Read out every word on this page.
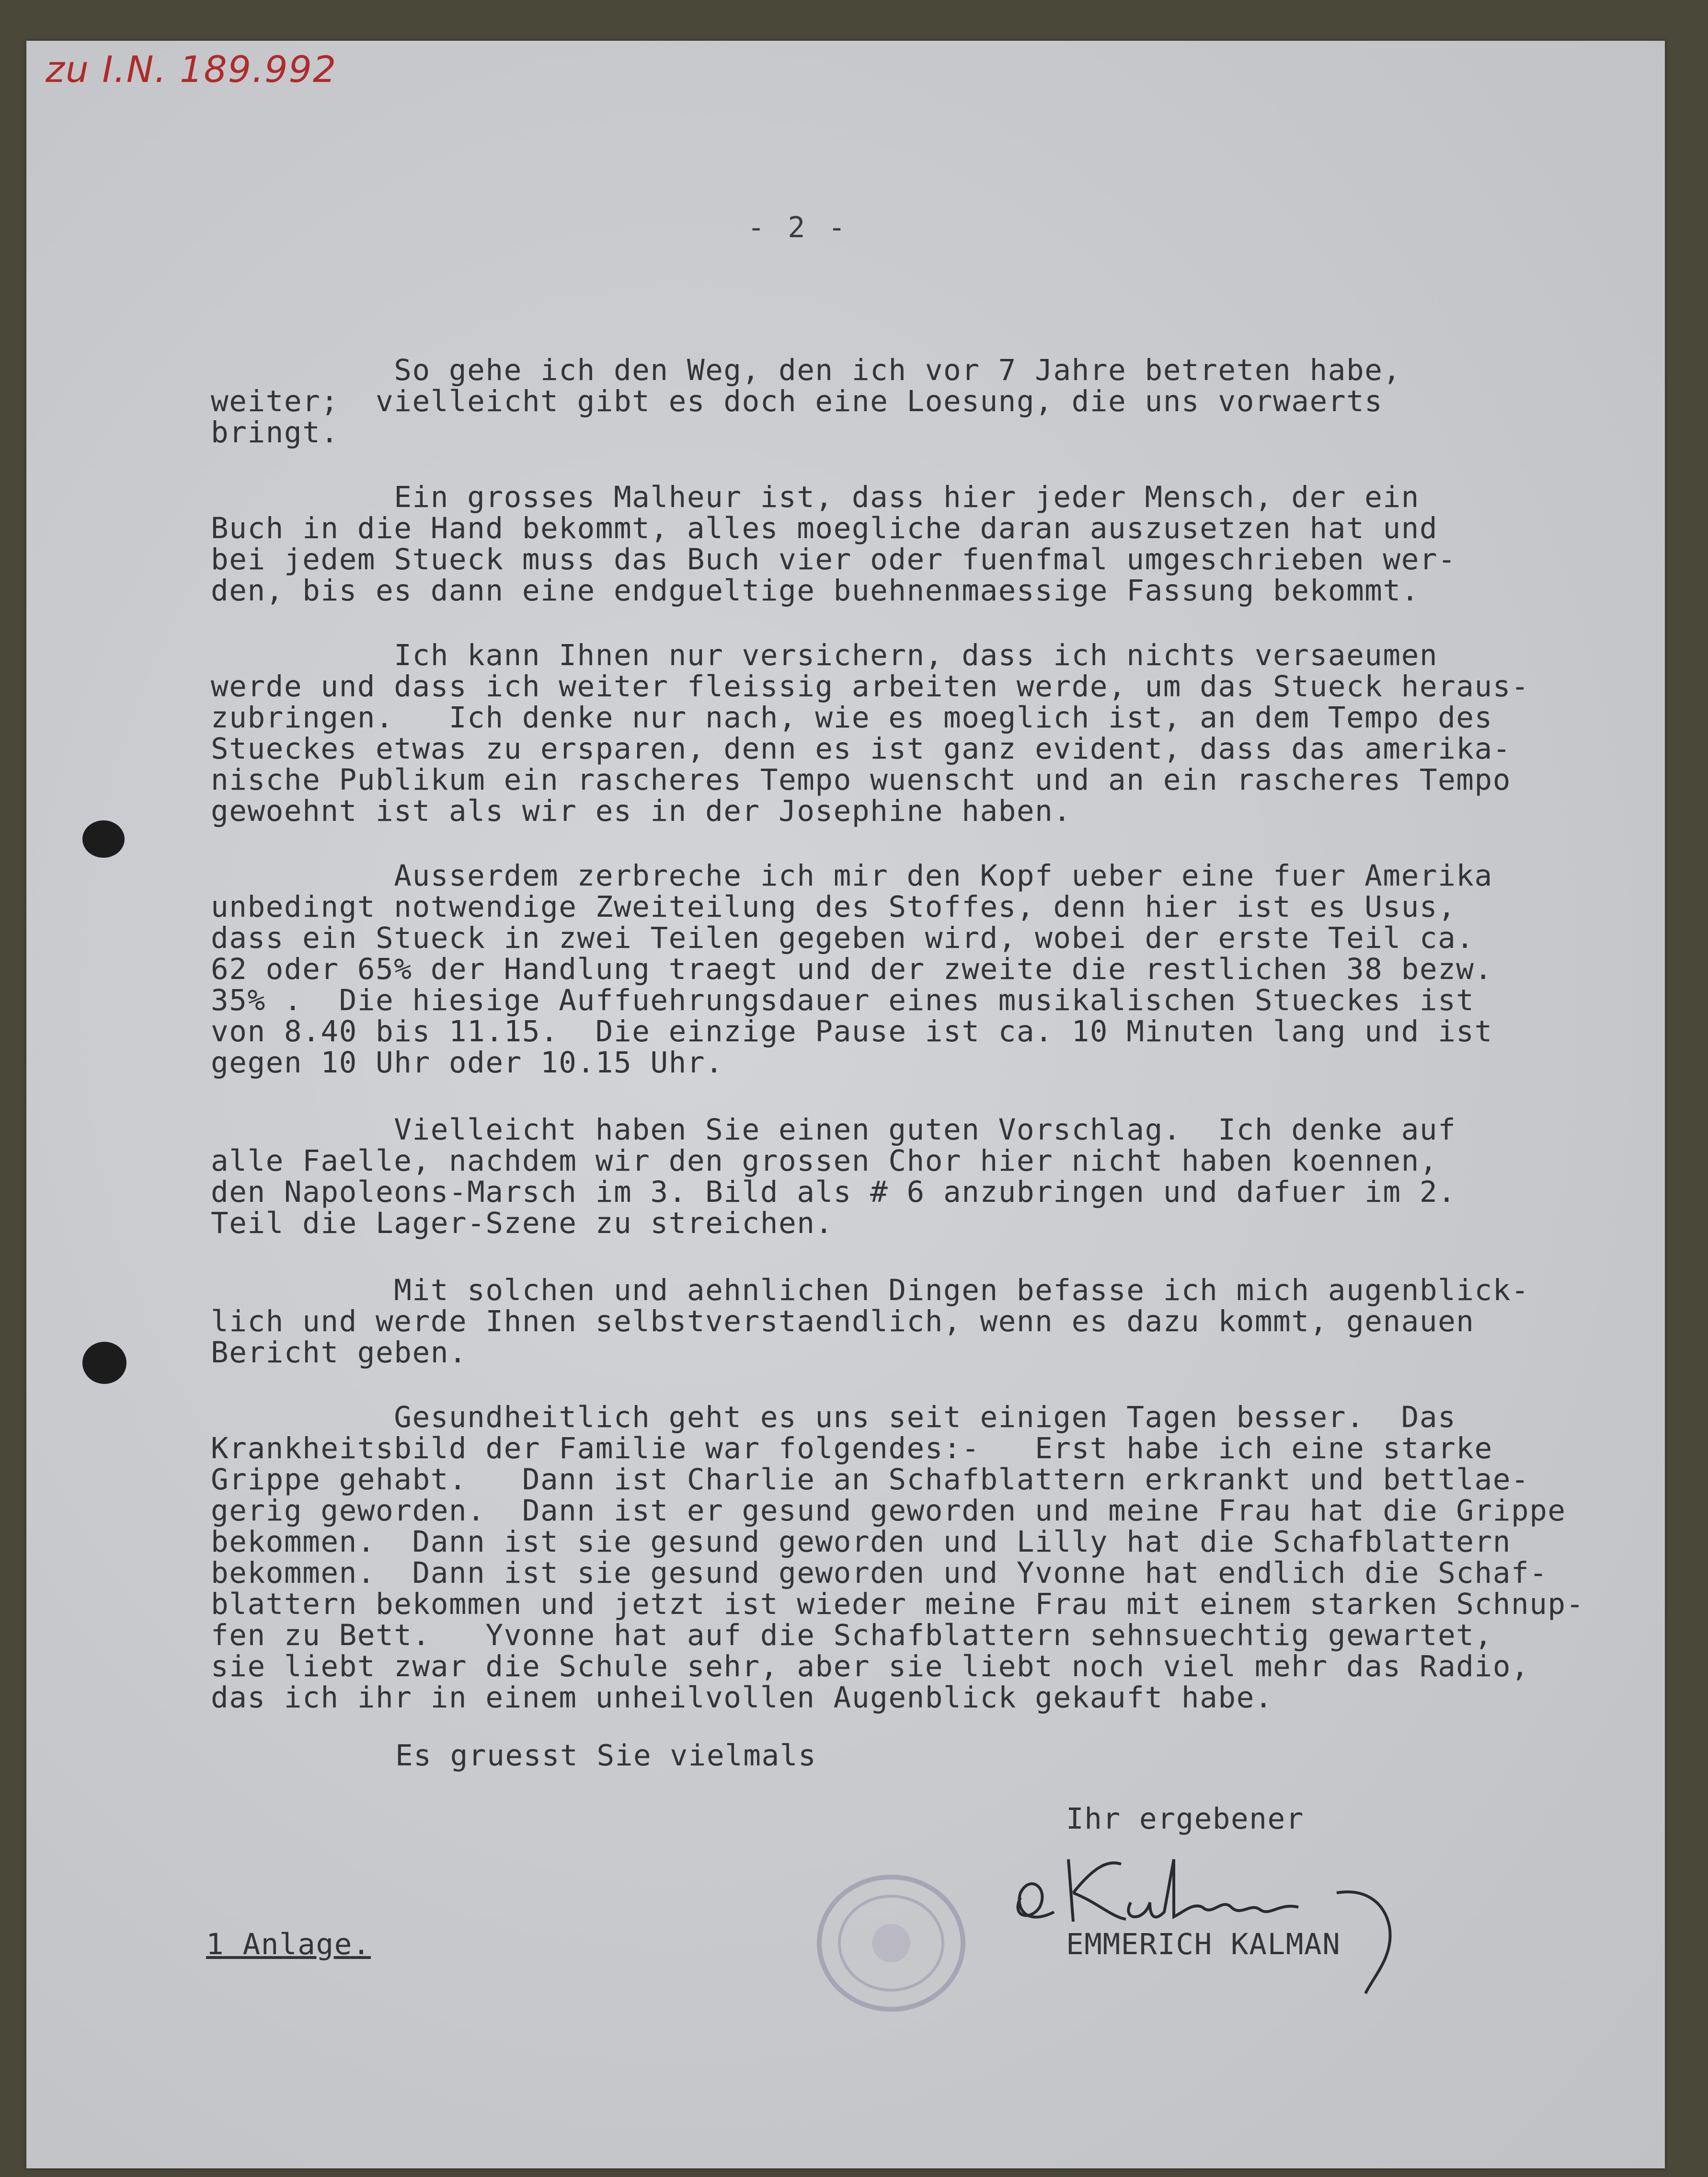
zu I.N. 189.992
- 2 -
So gehe ich den Weg, den ich vor 7 Jahre betreten habe,
weiter;  vielleicht gibt es doch eine Loesung, die uns vorwaerts
bringt.
Ein grosses Malheur ist, dass hier jeder Mensch, der ein
Buch in die Hand bekommt, alles moegliche daran auszusetzen hat und
bei jedem Stueck muss das Buch vier oder fuenfmal umgeschrieben wer-
den, bis es dann eine endgueltige buehnenmaessige Fassung bekommt.
Ich kann Ihnen nur versichern, dass ich nichts versaeumen
werde und dass ich weiter fleissig arbeiten werde, um das Stueck heraus-
zubringen.   Ich denke nur nach, wie es moeglich ist, an dem Tempo des
Stueckes etwas zu ersparen, denn es ist ganz evident, dass das amerika-
nische Publikum ein rascheres Tempo wuenscht und an ein rascheres Tempo
gewoehnt ist als wir es in der Josephine haben.
Ausserdem zerbreche ich mir den Kopf ueber eine fuer Amerika
unbedingt notwendige Zweiteilung des Stoffes, denn hier ist es Usus,
dass ein Stueck in zwei Teilen gegeben wird, wobei der erste Teil ca.
62 oder 65% der Handlung traegt und der zweite die restlichen 38 bezw.
35% .  Die hiesige Auffuehrungsdauer eines musikalischen Stueckes ist
von 8.40 bis 11.15.  Die einzige Pause ist ca. 10 Minuten lang und ist
gegen 10 Uhr oder 10.15 Uhr.
Vielleicht haben Sie einen guten Vorschlag.  Ich denke auf
alle Faelle, nachdem wir den grossen Chor hier nicht haben koennen,
den Napoleons-Marsch im 3. Bild als # 6 anzubringen und dafuer im 2.
Teil die Lager-Szene zu streichen.
Mit solchen und aehnlichen Dingen befasse ich mich augenblick-
lich und werde Ihnen selbstverstaendlich, wenn es dazu kommt, genauen
Bericht geben.
Gesundheitlich geht es uns seit einigen Tagen besser.  Das
Krankheitsbild der Familie war folgendes:-   Erst habe ich eine starke
Grippe gehabt.   Dann ist Charlie an Schafblattern erkrankt und bettlae-
gerig geworden.  Dann ist er gesund geworden und meine Frau hat die Grippe
bekommen.  Dann ist sie gesund geworden und Lilly hat die Schafblattern
bekommen.  Dann ist sie gesund geworden und Yvonne hat endlich die Schaf-
blattern bekommen und jetzt ist wieder meine Frau mit einem starken Schnup-
fen zu Bett.   Yvonne hat auf die Schafblattern sehnsuechtig gewartet,
sie liebt zwar die Schule sehr, aber sie liebt noch viel mehr das Radio,
das ich ihr in einem unheilvollen Augenblick gekauft habe.
Es gruesst Sie vielmals
Ihr ergebener
EMMERICH KALMAN
1 Anlage.
